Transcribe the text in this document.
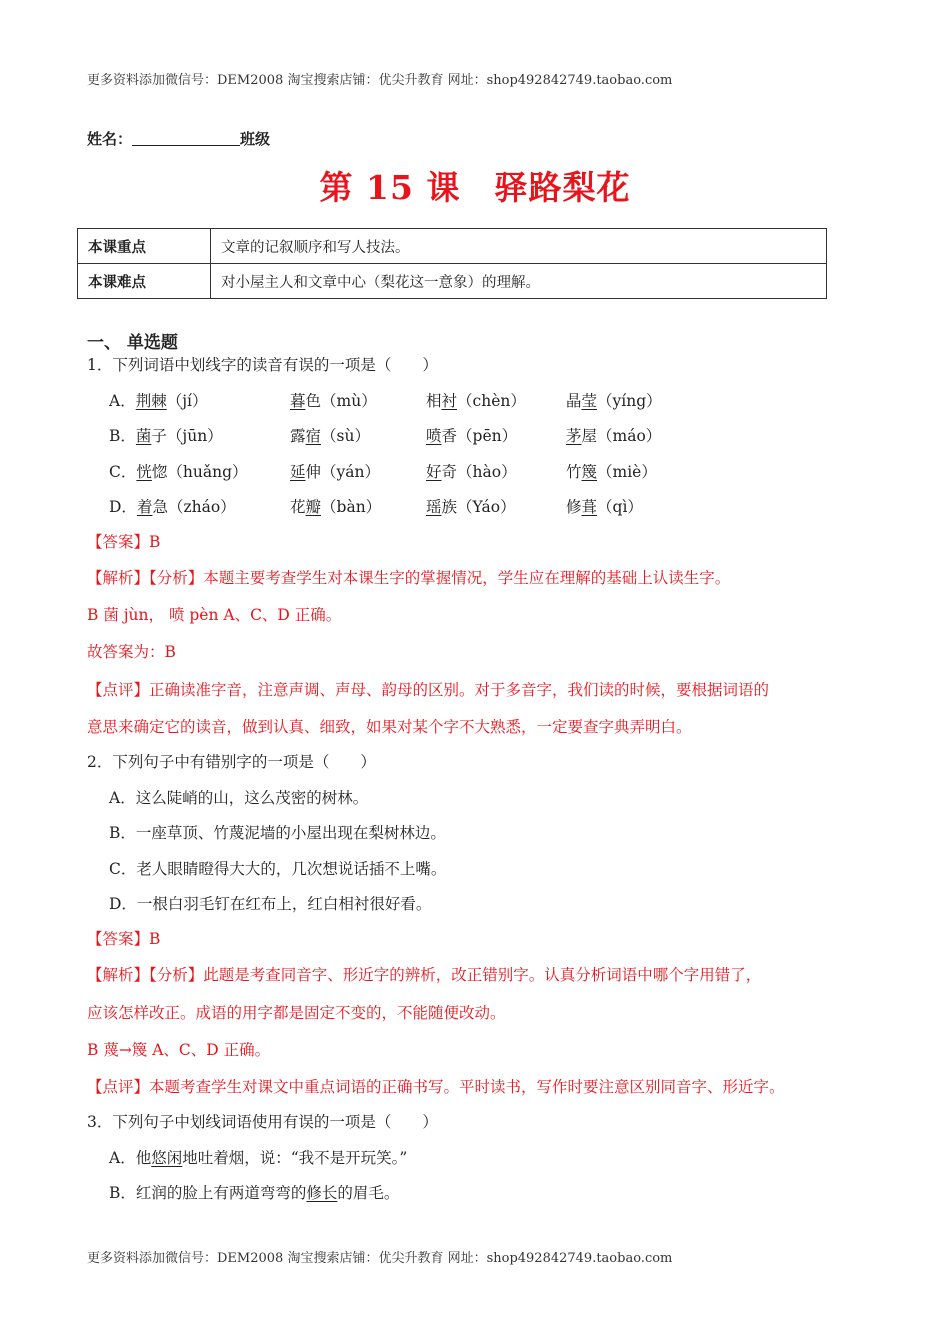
更多资料添加微信号：DEM2008 淘宝搜索店铺：优尖升教育 网址：shop492842749.taobao.com
姓名：	班级
第 15 课　驿路梨花
本课重点	文章的记叙顺序和写人技法。
本课难点	对小屋主人和文章中心（梨花这一意象）的理解。
一、 单选题
1．下列词语中划线字的读音有误的一项是（　　）
A．荆棘（jí）	暮色（mù）	相衬（chèn）	晶莹（yíng）
B．菌子（jūn）	露宿（sù）	喷香（pēn）	茅屋（máo）
C．恍惚（huǎng）	延伸（yán）	好奇（hào）	竹篾（miè）
D．着急（zháo）	花瓣（bàn）	瑶族（Yáo）	修葺（qì）
【答案】B
【解析】【分析】本题主要考查学生对本课生字的掌握情况，学生应在理解的基础上认读生字。
B 菌 jùn， 喷 pèn A、C、D 正确。
故答案为：B
【点评】正确读准字音，注意声调、声母、韵母的区别。对于多音字，我们读的时候，要根据词语的
意思来确定它的读音，做到认真、细致，如果对某个字不大熟悉，一定要查字典弄明白。
2．下列句子中有错别字的一项是（　　）
A．这么陡峭的山，这么茂密的树林。
B．一座草顶、竹蔑泥墙的小屋出现在梨树林边。
C．老人眼睛瞪得大大的，几次想说话插不上嘴。
D．一根白羽毛钉在红布上，红白相衬很好看。
【答案】B
【解析】【分析】此题是考查同音字、形近字的辨析，改正错别字。认真分析词语中哪个字用错了，
应该怎样改正。成语的用字都是固定不变的，不能随便改动。
B 蔑→篾 A、C、D 正确。
【点评】本题考查学生对课文中重点词语的正确书写。平时读书，写作时要注意区别同音字、形近字。
3．下列句子中划线词语使用有误的一项是（　　）
A．他悠闲地吐着烟，说：“我不是开玩笑。”
B．红润的脸上有两道弯弯的修长的眉毛。
更多资料添加微信号：DEM2008 淘宝搜索店铺：优尖升教育 网址：shop492842749.taobao.com
